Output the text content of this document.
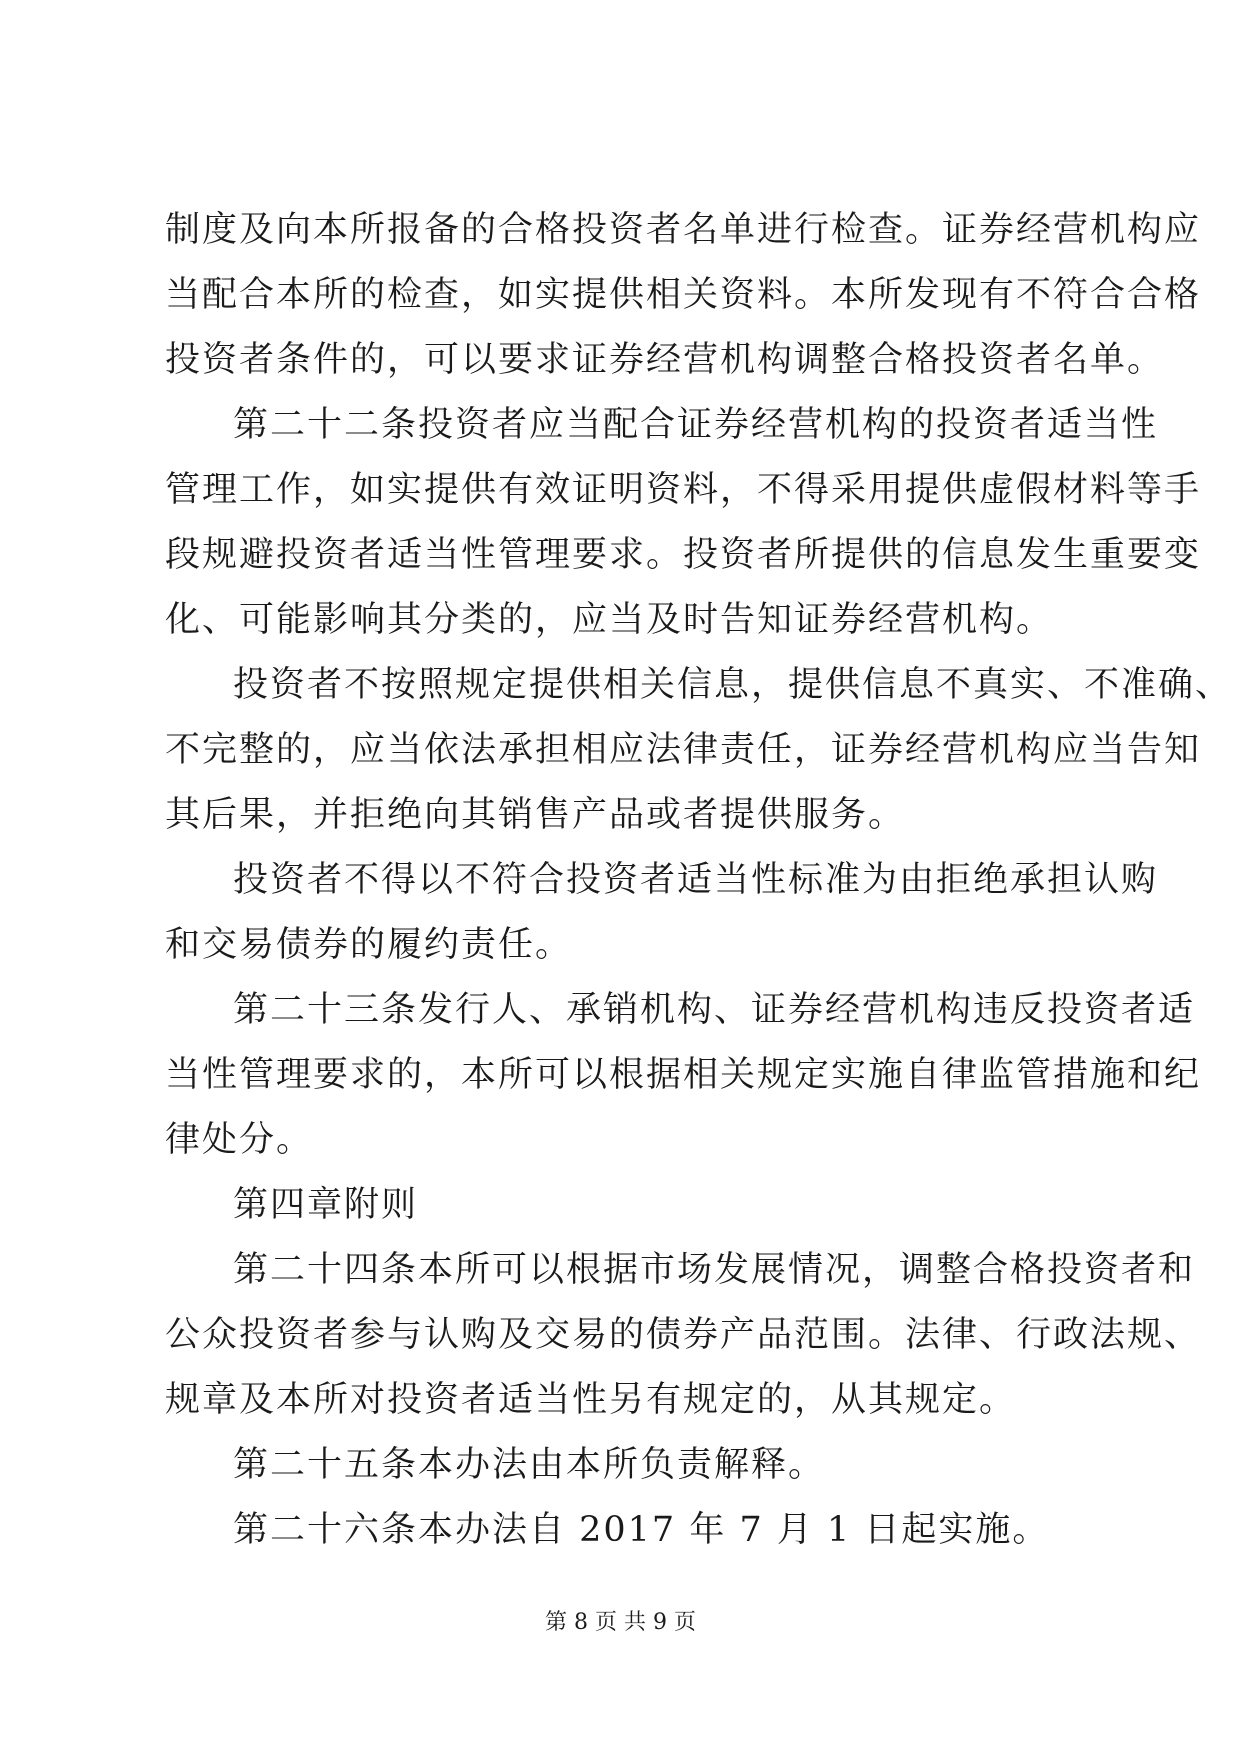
制度及向本所报备的合格投资者名单进行检查。证券经营机构应
当配合本所的检查，如实提供相关资料。本所发现有不符合合格
投资者条件的，可以要求证券经营机构调整合格投资者名单。
第二十二条投资者应当配合证券经营机构的投资者适当性
管理工作，如实提供有效证明资料，不得采用提供虚假材料等手
段规避投资者适当性管理要求。投资者所提供的信息发生重要变
化、可能影响其分类的，应当及时告知证券经营机构。
投资者不按照规定提供相关信息，提供信息不真实、不准确、
不完整的，应当依法承担相应法律责任，证券经营机构应当告知
其后果，并拒绝向其销售产品或者提供服务。
投资者不得以不符合投资者适当性标准为由拒绝承担认购
和交易债券的履约责任。
第二十三条发行人、承销机构、证券经营机构违反投资者适
当性管理要求的，本所可以根据相关规定实施自律监管措施和纪
律处分。
第四章附则
第二十四条本所可以根据市场发展情况，调整合格投资者和
公众投资者参与认购及交易的债券产品范围。法律、行政法规、
规章及本所对投资者适当性另有规定的，从其规定。
第二十五条本办法由本所负责解释。
第二十六条本办法自 2017 年 7 月 1 日起实施。
第 8 页 共 9 页
